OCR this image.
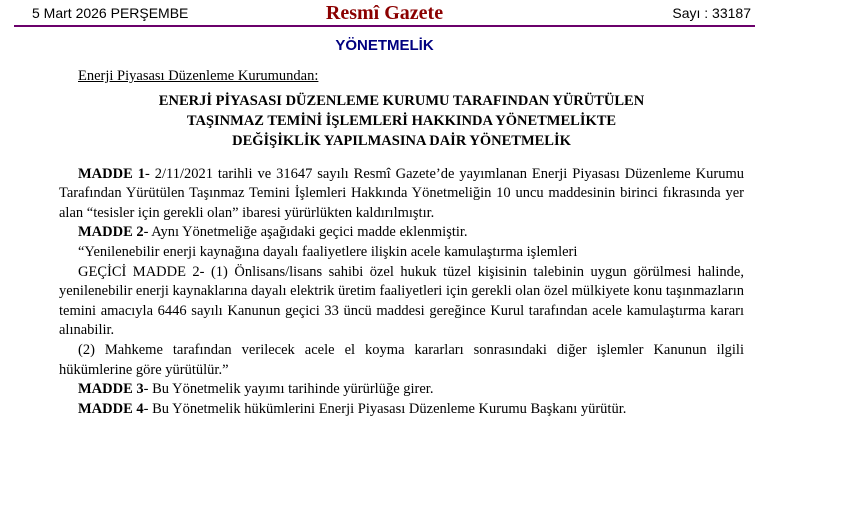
5 Mart 2026 PERŞEMBE	Resmî Gazete	Sayı : 33187
YÖNETMELİK
Enerji Piyasası Düzenleme Kurumundan:
ENERJİ PİYASASI DÜZENLEME KURUMU TARAFINDAN YÜRÜTÜLEN
TAŞINMAZ TEMİNİ İŞLEMLERİ HAKKINDA YÖNETMELİKTE
DEĞİŞİKLİK YAPILMASINA DAİR YÖNETMELİK

MADDE 1- 2/11/2021 tarihli ve 31647 sayılı Resmî Gazete’de yayımlanan Enerji Piyasası Düzenleme Kurumu Tarafından Yürütülen Taşınmaz Temini İşlemleri Hakkında Yönetmeliğin 10 uncu maddesinin birinci fıkrasında yer alan “tesisler için gerekli olan” ibaresi yürürlükten kaldırılmıştır.

MADDE 2- Aynı Yönetmeliğe aşağıdaki geçici madde eklenmiştir.

“Yenilenebilir enerji kaynağına dayalı faaliyetlere ilişkin acele kamulaştırma işlemleri

GEÇİCİ MADDE 2- (1) Önlisans/lisans sahibi özel hukuk tüzel kişisinin talebinin uygun görülmesi halinde, yenilenebilir enerji kaynaklarına dayalı elektrik üretim faaliyetleri için gerekli olan özel mülkiyete konu taşınmazların temini amacıyla 6446 sayılı Kanunun geçici 33 üncü maddesi gereğince Kurul tarafından acele kamulaştırma kararı alınabilir.

(2) Mahkeme tarafından verilecek acele el koyma kararları sonrasındaki diğer işlemler Kanunun ilgili hükümlerine göre yürütülür.”

MADDE 3- Bu Yönetmelik yayımı tarihinde yürürlüğe girer.

MADDE 4- Bu Yönetmelik hükümlerini Enerji Piyasası Düzenleme Kurumu Başkanı yürütür.
